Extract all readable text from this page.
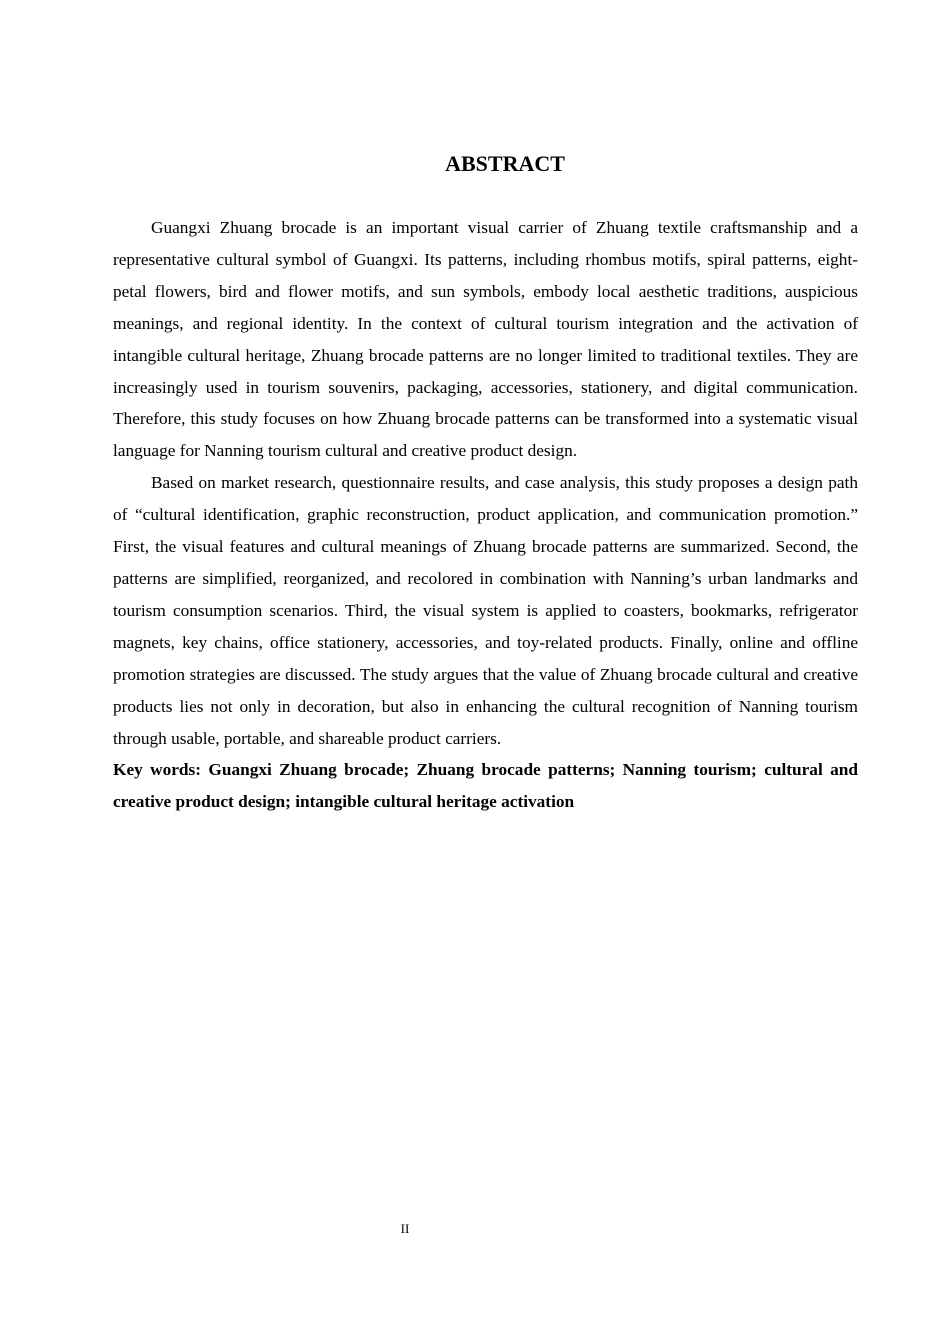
ABSTRACT

Guangxi Zhuang brocade is an important visual carrier of Zhuang textile craftsmanship and a representative cultural symbol of Guangxi. Its patterns, including rhombus motifs, spiral patterns, eight-petal flowers, bird and flower motifs, and sun symbols, embody local aesthetic traditions, auspicious meanings, and regional identity. In the context of cultural tourism integration and the activation of intangible cultural heritage, Zhuang brocade patterns are no longer limited to traditional textiles. They are increasingly used in tourism souvenirs, packaging, accessories, stationery, and digital communication. Therefore, this study focuses on how Zhuang brocade patterns can be transformed into a systematic visual language for Nanning tourism cultural and creative product design.

Based on market research, questionnaire results, and case analysis, this study proposes a design path of “cultural identification, graphic reconstruction, product application, and communication promotion.” First, the visual features and cultural meanings of Zhuang brocade patterns are summarized. Second, the patterns are simplified, reorganized, and recolored in combination with Nanning’s urban landmarks and tourism consumption scenarios. Third, the visual system is applied to coasters, bookmarks, refrigerator magnets, key chains, office stationery, accessories, and toy-related products. Finally, online and offline promotion strategies are discussed. The study argues that the value of Zhuang brocade cultural and creative products lies not only in decoration, but also in enhancing the cultural recognition of Nanning tourism through usable, portable, and shareable product carriers.

Key words: Guangxi Zhuang brocade; Zhuang brocade patterns; Nanning tourism; cultural and creative product design; intangible cultural heritage activation

II
